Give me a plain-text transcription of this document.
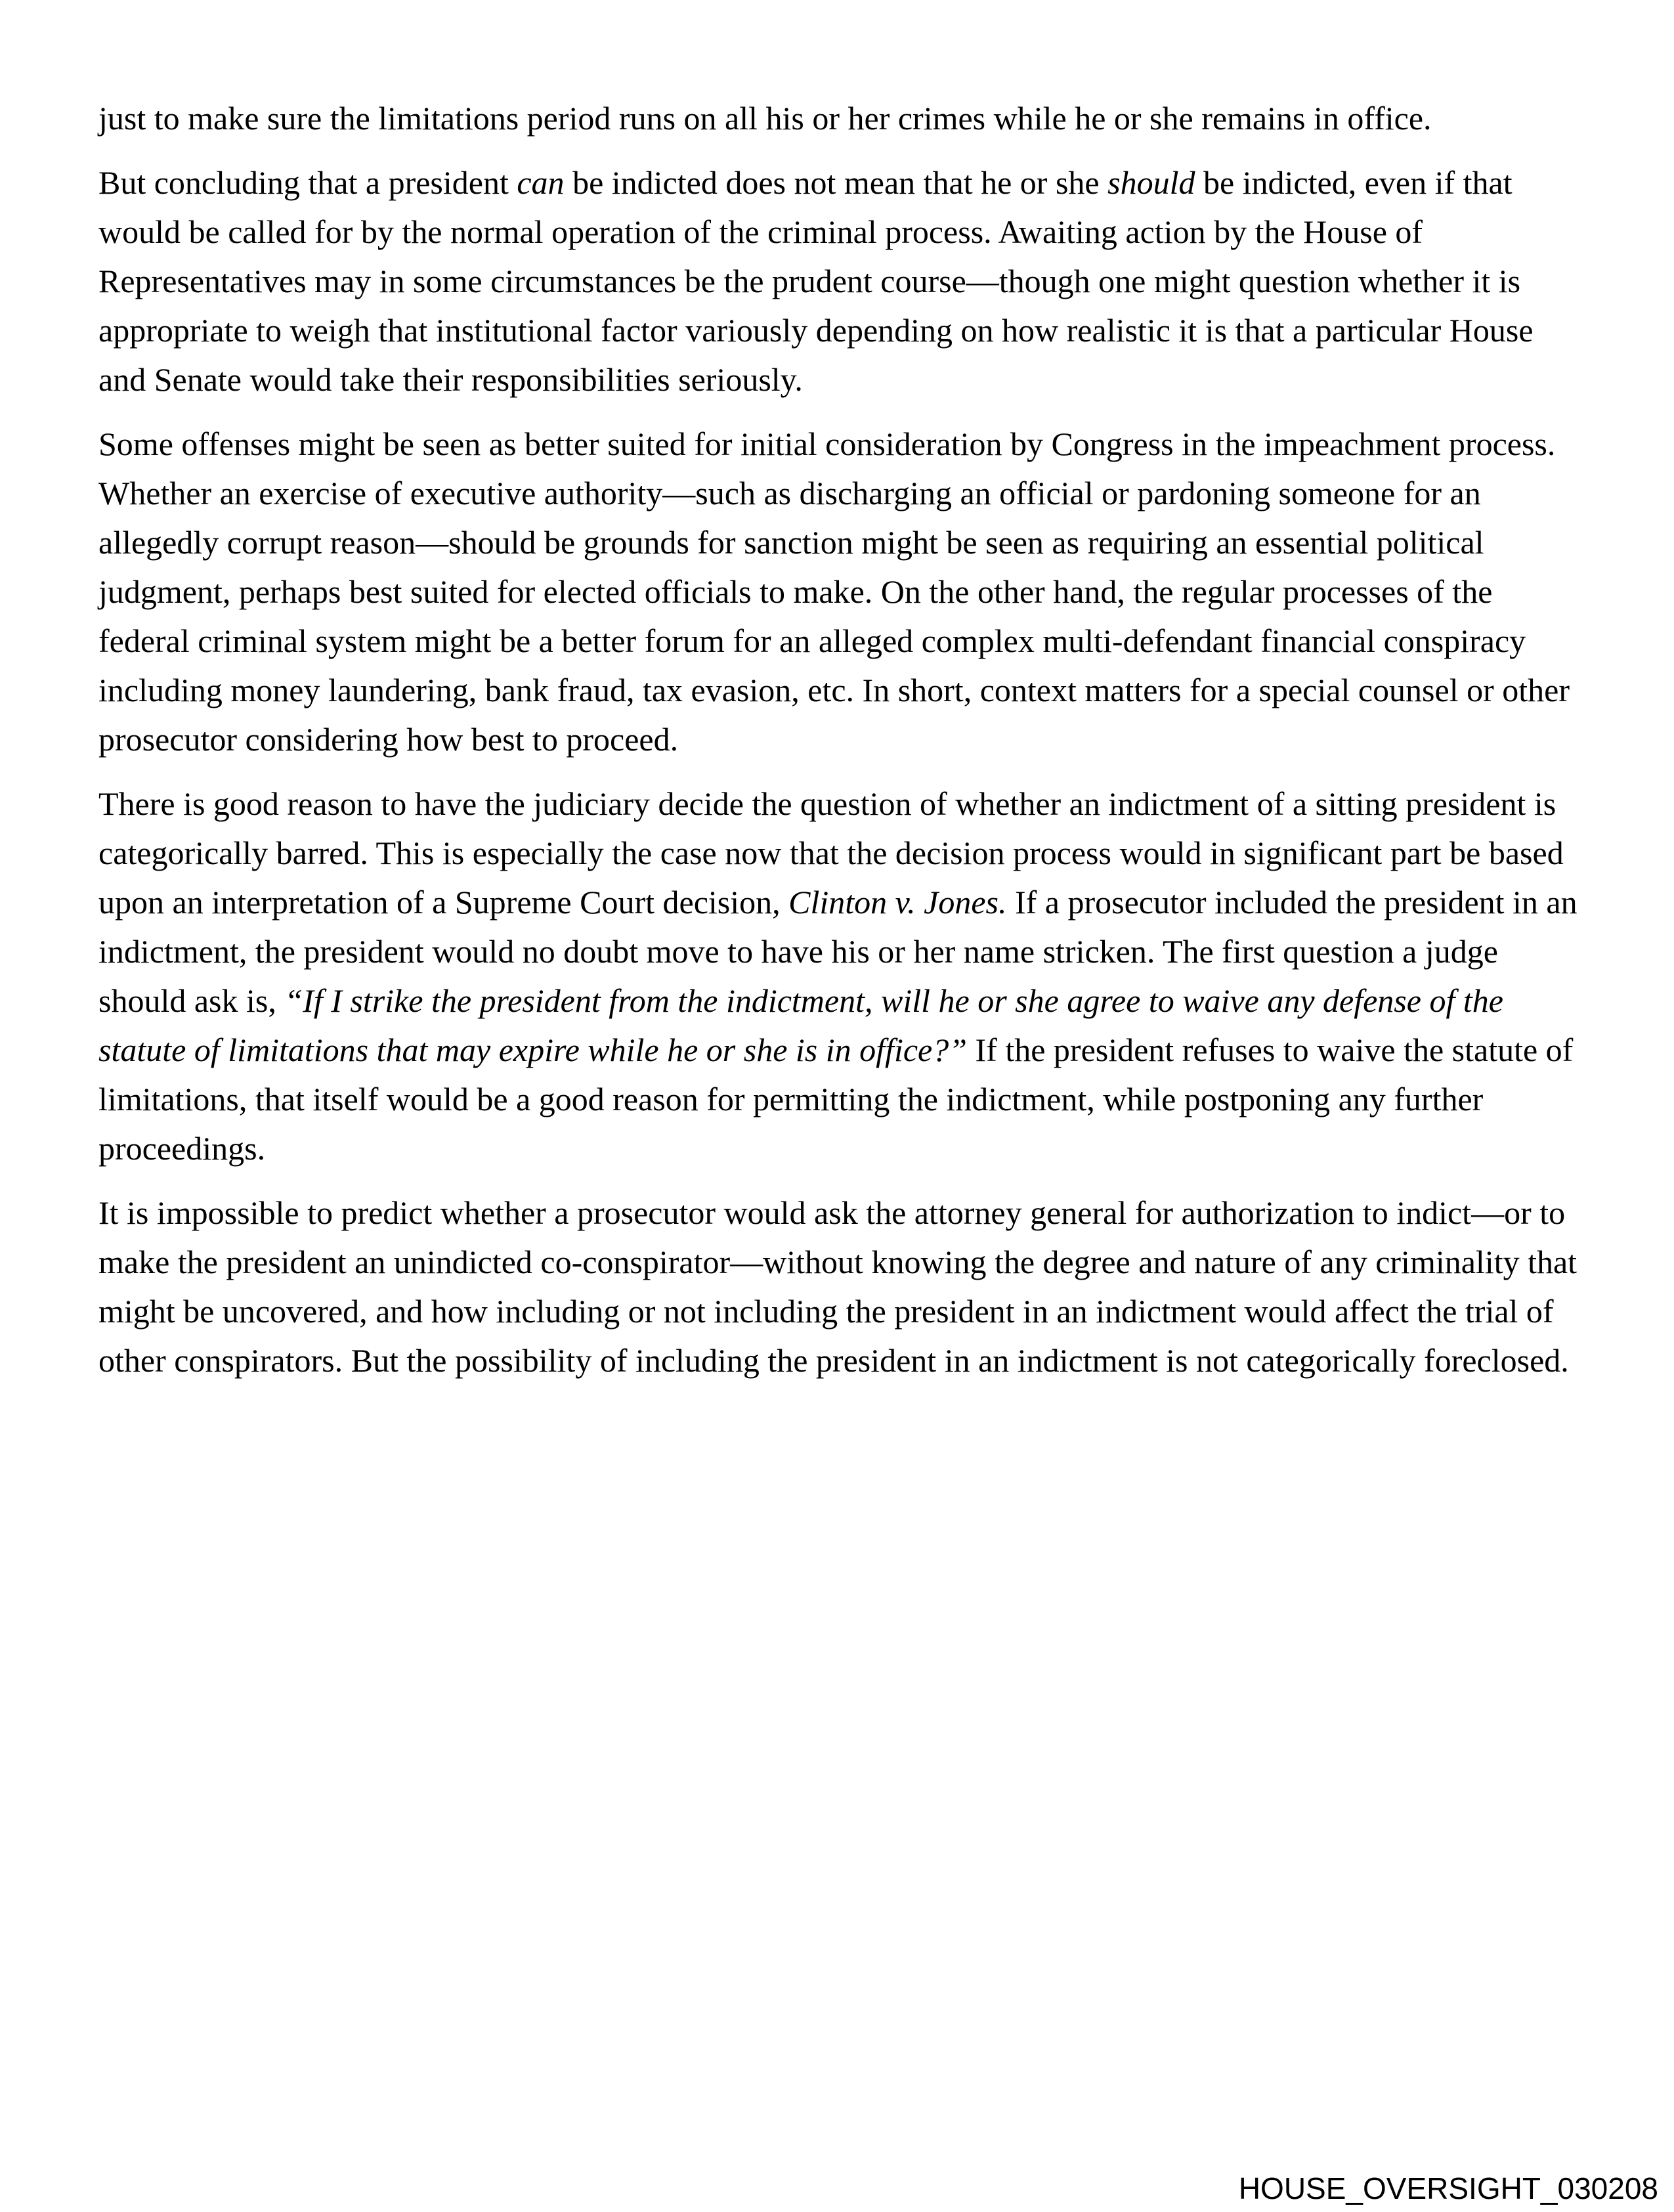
just to make sure the limitations period runs on all his or her crimes while he or she remains in office.

But concluding that a president can be indicted does not mean that he or she should be indicted, even if that would be called for by the normal operation of the criminal process. Awaiting action by the House of Representatives may in some circumstances be the prudent course—though one might question whether it is appropriate to weigh that institutional factor variously depending on how realistic it is that a particular House and Senate would take their responsibilities seriously.

Some offenses might be seen as better suited for initial consideration by Congress in the impeachment process. Whether an exercise of executive authority—such as discharging an official or pardoning someone for an allegedly corrupt reason—should be grounds for sanction might be seen as requiring an essential political judgment, perhaps best suited for elected officials to make. On the other hand, the regular processes of the federal criminal system might be a better forum for an alleged complex multi-defendant financial conspiracy including money laundering, bank fraud, tax evasion, etc. In short, context matters for a special counsel or other prosecutor considering how best to proceed.

There is good reason to have the judiciary decide the question of whether an indictment of a sitting president is categorically barred. This is especially the case now that the decision process would in significant part be based upon an interpretation of a Supreme Court decision, Clinton v. Jones. If a prosecutor included the president in an indictment, the president would no doubt move to have his or her name stricken. The first question a judge should ask is, “If I strike the president from the indictment, will he or she agree to waive any defense of the statute of limitations that may expire while he or she is in office?” If the president refuses to waive the statute of limitations, that itself would be a good reason for permitting the indictment, while postponing any further proceedings.

It is impossible to predict whether a prosecutor would ask the attorney general for authorization to indict—or to make the president an unindicted co-conspirator—without knowing the degree and nature of any criminality that might be uncovered, and how including or not including the president in an indictment would affect the trial of other conspirators. But the possibility of including the president in an indictment is not categorically foreclosed.

HOUSE_OVERSIGHT_030208
